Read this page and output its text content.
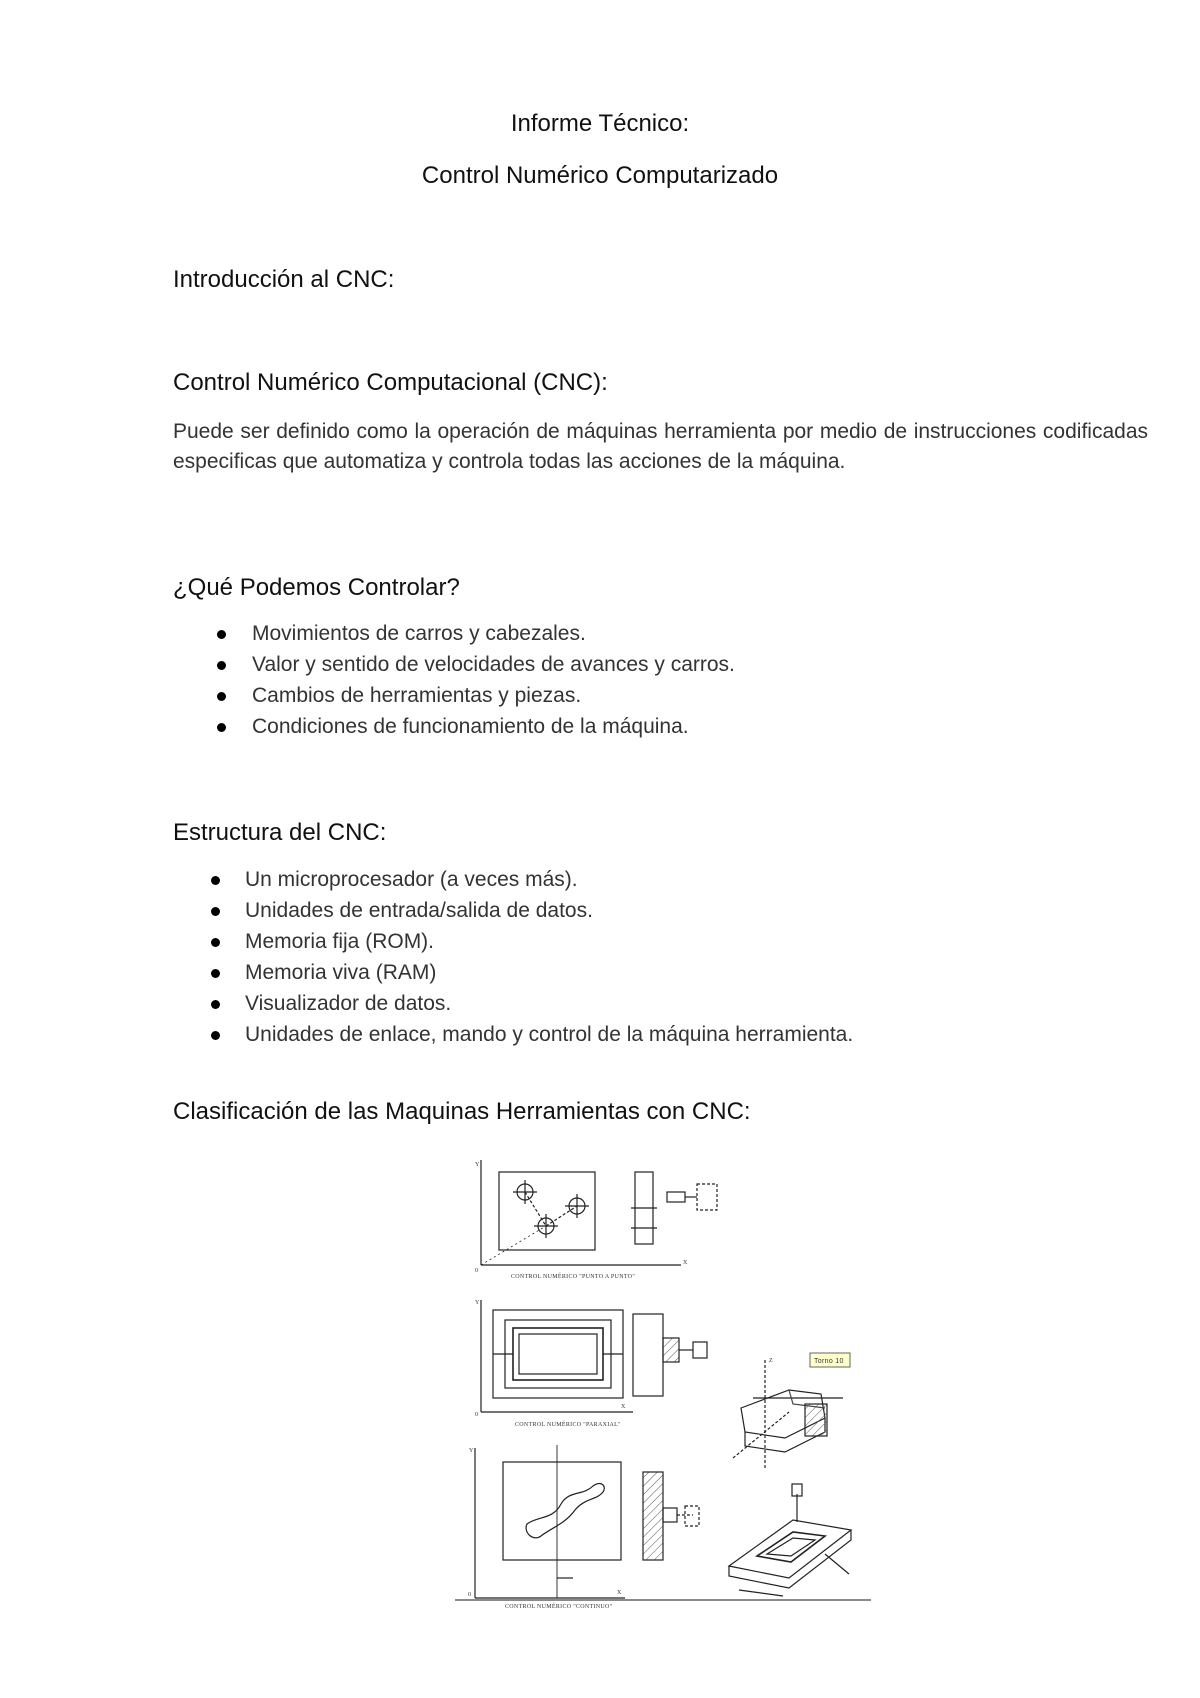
Informe Técnico:
Control Numérico Computarizado
Introducción al CNC:
Control Numérico Computacional (CNC):

Puede ser definido como la operación de máquinas herramienta por medio de instrucciones codificadas especificas que automatiza y controla todas las acciones de la máquina.

¿Qué Podemos Controlar?
Movimientos de carros y cabezales.
Valor y sentido de velocidades de avances y carros.
Cambios de herramientas y piezas.
Condiciones de funcionamiento de la máquina.
Estructura del CNC:
Un microprocesador (a veces más).
Unidades de entrada/salida de datos.
Memoria fija (ROM).
Memoria viva (RAM)
Visualizador de datos.
Unidades de enlace, mando y control de la máquina herramienta.
Clasificación de las Maquinas Herramientas con CNC:
CONTROL NUMÉRICO "PUNTO A PUNTO"
Y
X
0
CONTROL NUMÉRICO "PARAXIAL"
Y
X
0
Torno 10
Z
CONTROL NUMÉRICO "CONTINUO"
Y
X
0
